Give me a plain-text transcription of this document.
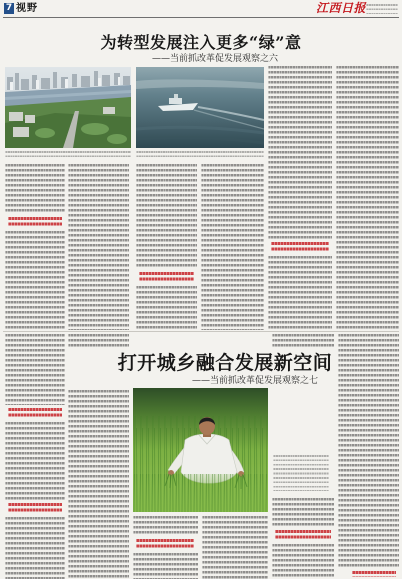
7 视野	江西日报
为转型发展注入更多“绿”意
——当前抓改革促发展观察之六
打开城乡融合发展新空间
——当前抓改革促发展观察之七
